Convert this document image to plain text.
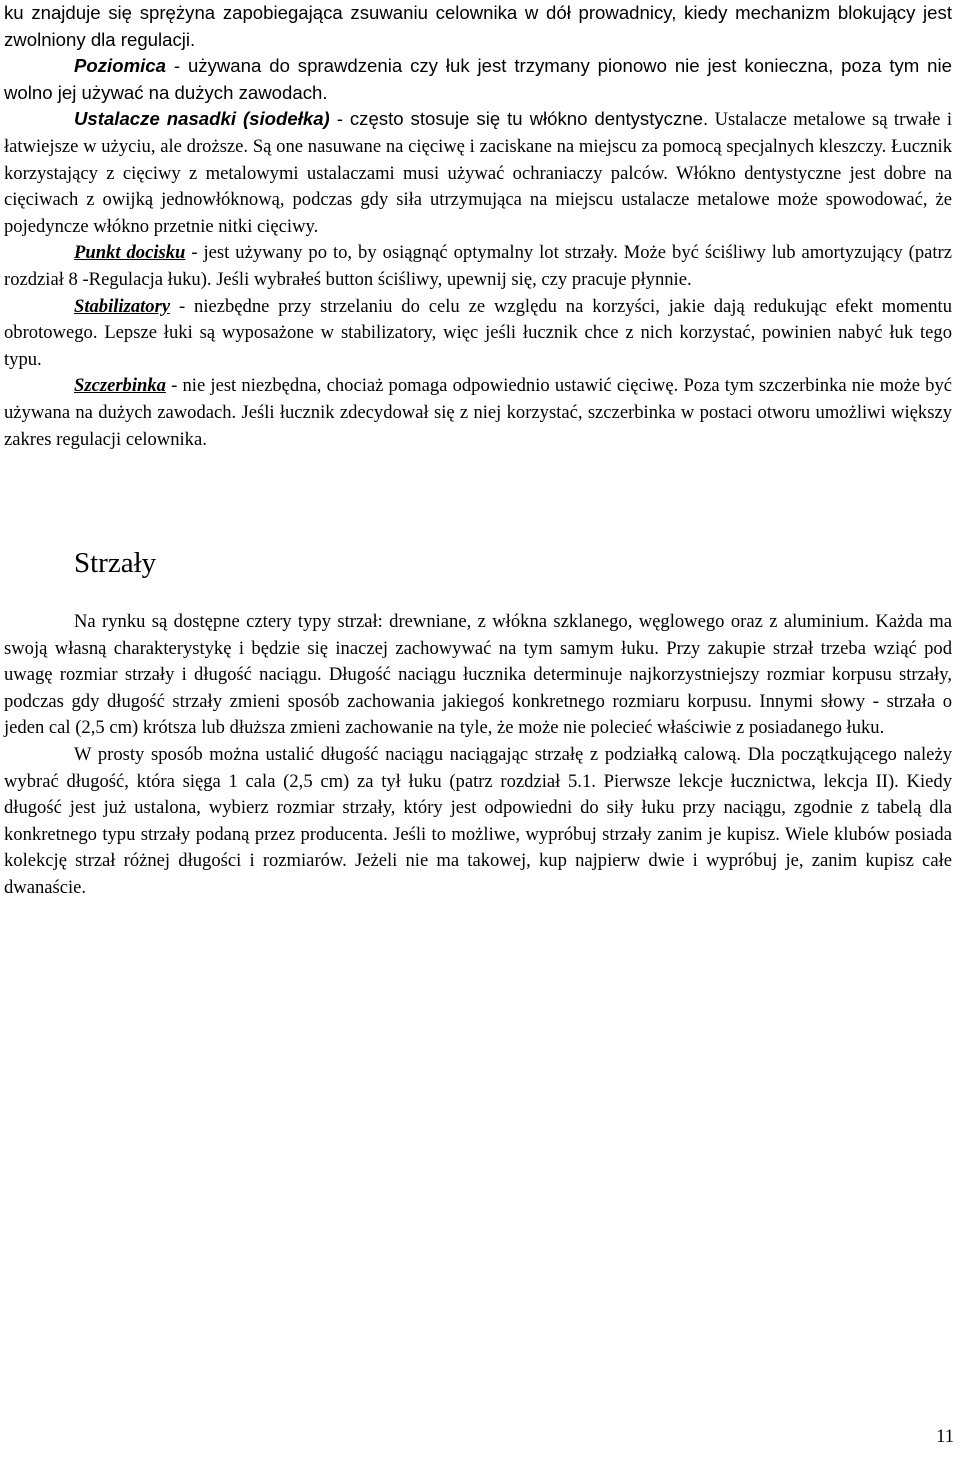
ku znajduje się sprężyna zapobiegająca zsuwaniu celownika w dół prowadnicy, kiedy mechanizm blokujący jest zwolniony dla regulacji.

Poziomica - używana do sprawdzenia czy łuk jest trzymany pionowo nie jest konieczna, poza tym nie wolno jej używać na dużych zawodach.

Ustalacze nasadki (siodełka) - często stosuje się tu włókno dentystyczne. Ustalacze metalowe są trwałe i łatwiejsze w użyciu, ale droższe. Są one nasuwane na cięciwę i zaciskane na miejscu za pomocą specjalnych kleszczy. Łucznik korzystający z cięciwy z metalowymi ustalaczami musi używać ochraniaczy palców. Włókno dentystyczne jest dobre na cięciwach z owijką jednowłóknową, podczas gdy siła utrzymująca na miejscu ustalacze metalowe może spowodować, że pojedyncze włókno przetnie nitki cięciwy.

Punkt docisku - jest używany po to, by osiągnąć optymalny lot strzały. Może być ściśliwy lub amortyzujący (patrz rozdział 8 -Regulacja łuku). Jeśli wybrałeś button ściśliwy, upewnij się, czy pracuje płynnie.

Stabilizatory - niezbędne przy strzelaniu do celu ze względu na korzyści, jakie dają redukując efekt momentu obrotowego. Lepsze łuki są wyposażone w stabilizatory, więc jeśli łucznik chce z nich korzystać, powinien nabyć łuk tego typu.

Szczerbinka - nie jest niezbędna, chociaż pomaga odpowiednio ustawić cięciwę. Poza tym szczerbinka nie może być używana na dużych zawodach. Jeśli łucznik zdecydował się z niej korzystać, szczerbinka w postaci otworu umożliwi większy zakres regulacji celownika.

Strzały

Na rynku są dostępne cztery typy strzał: drewniane, z włókna szklanego, węglowego oraz z aluminium. Każda ma swoją własną charakterystykę i będzie się inaczej zachowywać na tym samym łuku. Przy zakupie strzał trzeba wziąć pod uwagę rozmiar strzały i długość naciągu. Długość naciągu łucznika determinuje najkorzystniejszy rozmiar korpusu strzały, podczas gdy długość strzały zmieni sposób zachowania jakiegoś konkretnego rozmiaru korpusu. Innymi słowy - strzała o jeden cal (2,5 cm) krótsza lub dłuższa zmieni zachowanie na tyle, że może nie polecieć właściwie z posiadanego łuku.

W prosty sposób można ustalić długość naciągu naciągając strzałę z podziałką calową. Dla początkującego należy wybrać długość, która sięga 1 cala (2,5 cm) za tył łuku (patrz rozdział 5.1. Pierwsze lekcje łucznictwa, lekcja II). Kiedy długość jest już ustalona, wybierz rozmiar strzały, który jest odpowiedni do siły łuku przy naciągu, zgodnie z tabelą dla konkretnego typu strzały podaną przez producenta. Jeśli to możliwe, wypróbuj strzały zanim je kupisz. Wiele klubów posiada kolekcję strzał różnej długości i rozmiarów. Jeżeli nie ma takowej, kup najpierw dwie i wypróbuj je, zanim kupisz całe dwanaście.

11
